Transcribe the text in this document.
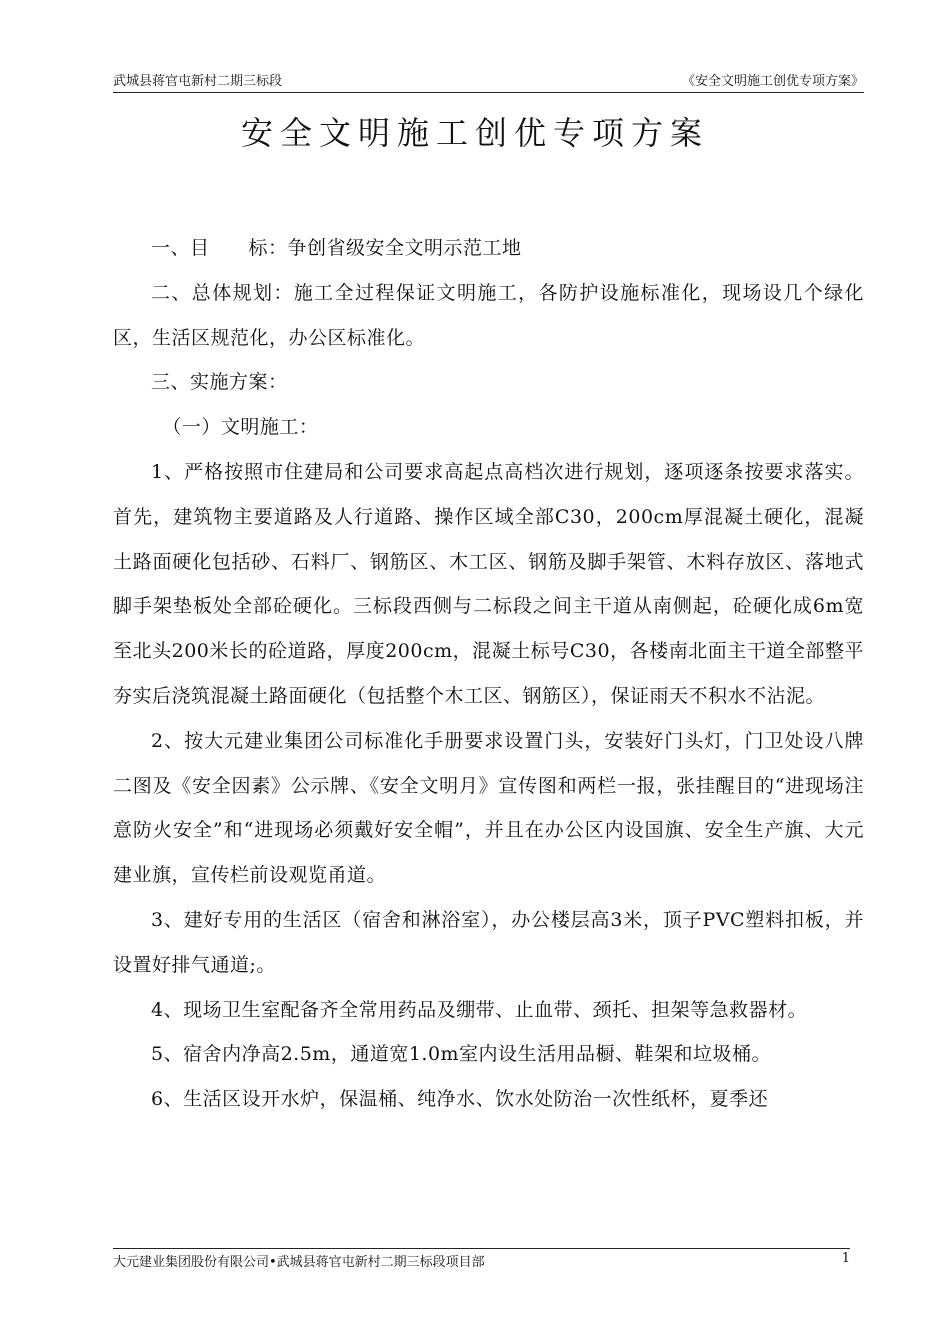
武城县蒋官屯新村二期三标段	《安全文明施工创优专项方案》
安全文明施工创优专项方案

一、目　　标：争创省级安全文明示范工地

二、总体规划：施工全过程保证文明施工，各防护设施标准化，现场设几个绿化区，生活区规范化，办公区标准化。

三、实施方案：

（一）文明施工：

1、严格按照市住建局和公司要求高起点高档次进行规划，逐项逐条按要求落实。首先，建筑物主要道路及人行道路、操作区域全部C30，200cm厚混凝土硬化，混凝土路面硬化包括砂、石料厂、钢筋区、木工区、钢筋及脚手架管、木料存放区、落地式脚手架垫板处全部砼硬化。三标段西侧与二标段之间主干道从南侧起，砼硬化成6m宽至北头200米长的砼道路，厚度200cm，混凝土标号C30，各楼南北面主干道全部整平夯实后浇筑混凝土路面硬化（包括整个木工区、钢筋区），保证雨天不积水不沾泥。

2、按大元建业集团公司标准化手册要求设置门头，安装好门头灯，门卫处设八牌二图及《安全因素》公示牌、《安全文明月》宣传图和两栏一报，张挂醒目的“进现场注意防火安全”和“进现场必须戴好安全帽”，并且在办公区内设国旗、安全生产旗、大元建业旗，宣传栏前设观览甬道。

3、建好专用的生活区（宿舍和淋浴室），办公楼层高3米，顶子PVC塑料扣板，并设置好排气通道;。

4、现场卫生室配备齐全常用药品及绷带、止血带、颈托、担架等急救器材。

5、宿舍内净高2.5m，通道宽1.0m室内设生活用品橱、鞋架和垃圾桶。

6、生活区设开水炉，保温桶、纯净水、饮水处防治一次性纸杯，夏季还

大元建业集团股份有限公司•武城县蒋官屯新村二期三标段项目部	1
